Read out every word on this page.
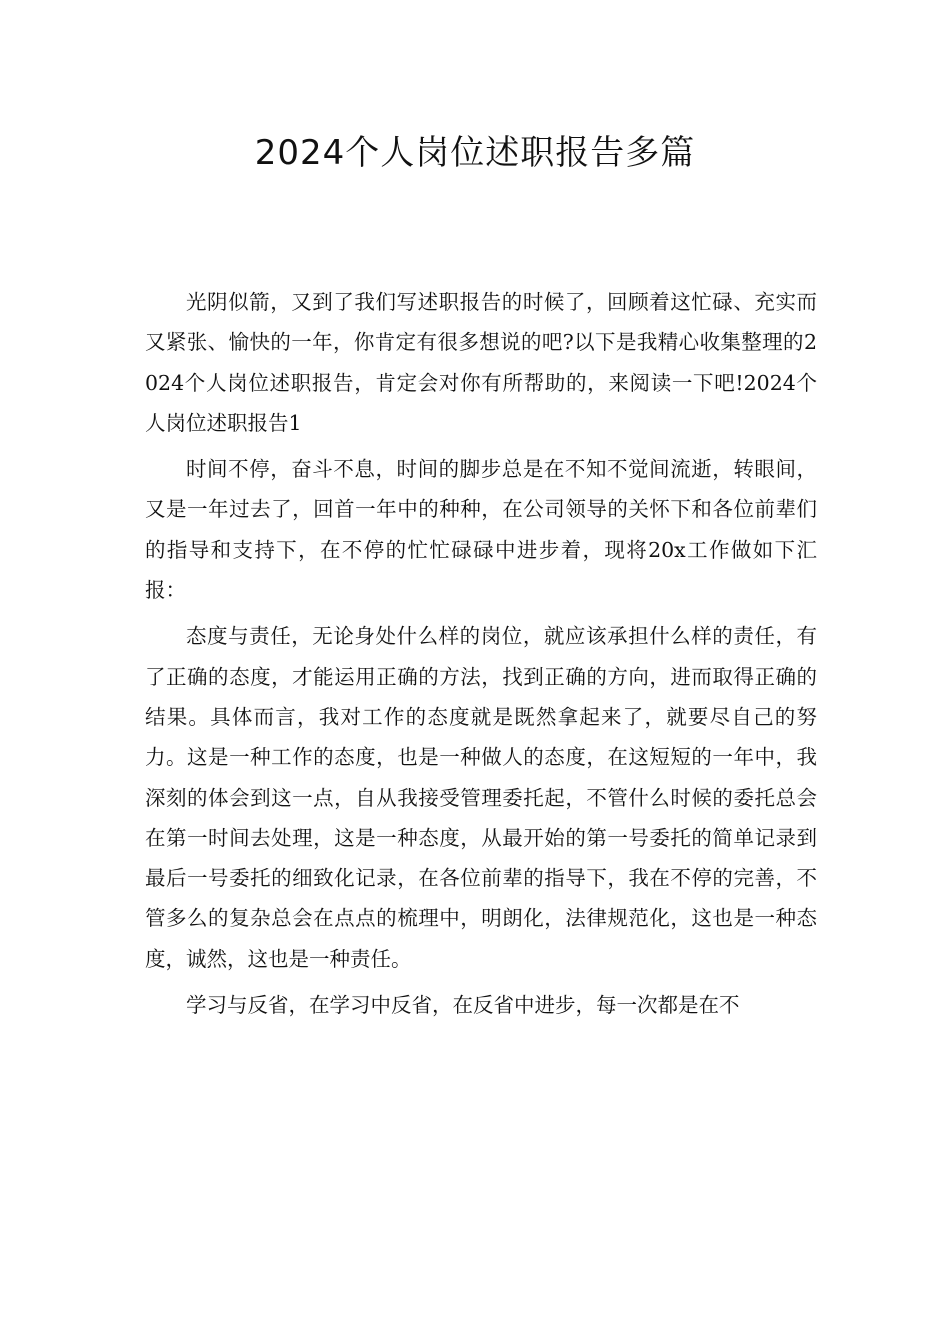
2024个人岗位述职报告多篇

光阴似箭，又到了我们写述职报告的时候了，回顾着这忙碌、充实而又紧张、愉快的一年，你肯定有很多想说的吧?以下是我精心收集整理的2024个人岗位述职报告，肯定会对你有所帮助的，来阅读一下吧!2024个人岗位述职报告1

时间不停，奋斗不息，时间的脚步总是在不知不觉间流逝，转眼间，又是一年过去了，回首一年中的种种，在公司领导的关怀下和各位前辈们的指导和支持下，在不停的忙忙碌碌中进步着，现将20x工作做如下汇报：

态度与责任，无论身处什么样的岗位，就应该承担什么样的责任，有了正确的态度，才能运用正确的方法，找到正确的方向，进而取得正确的结果。具体而言，我对工作的态度就是既然拿起来了，就要尽自己的努力。这是一种工作的态度，也是一种做人的态度，在这短短的一年中，我深刻的体会到这一点，自从我接受管理委托起，不管什么时候的委托总会在第一时间去处理，这是一种态度，从最开始的第一号委托的简单记录到最后一号委托的细致化记录，在各位前辈的指导下，我在不停的完善，不管多么的复杂总会在点点的梳理中，明朗化，法律规范化，这也是一种态度，诚然，这也是一种责任。

学习与反省，在学习中反省，在反省中进步，每一次都是在不
